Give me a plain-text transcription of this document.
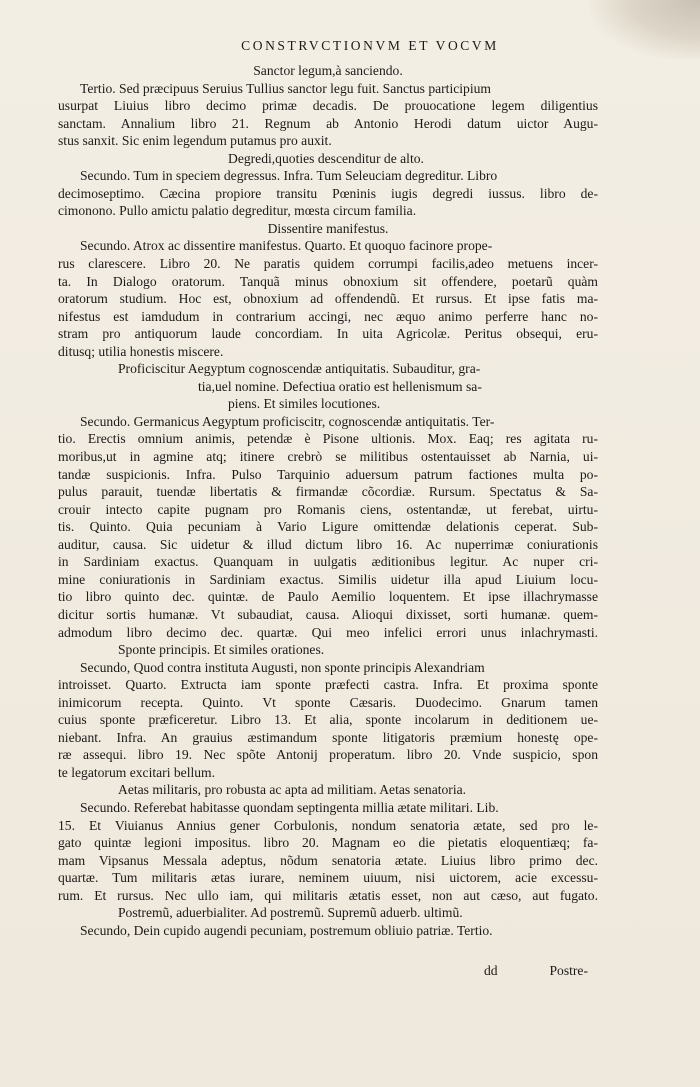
CONSTRVCTIONVM ET VOCVM
Sanctor legum,à sanciendo.
Tertio. Sed præcipuus Seruius Tullius sanctor legu fuit. Sanctus participium
usurpat Liuius libro decimo primæ decadis. De prouocatione legem diligentius
sanctam. Annalium libro 21. Regnum ab Antonio Herodi datum uictor Augu-
stus sanxit. Sic enim legendum putamus pro auxit.
Degredi,quoties descenditur de alto.
Secundo. Tum in speciem degressus. Infra. Tum Seleuciam degreditur. Libro
decimoseptimo. Cæcina propiore transitu Pœninis iugis degredi iussus. libro de-
cimonono. Pullo amictu palatio degreditur, mœsta circum familia.
Dissentire manifestus.
Secundo. Atrox ac dissentire manifestus. Quarto. Et quoquo facinore prope-
rus clarescere. Libro 20. Ne paratis quidem corrumpi facilis,adeo metuens incer-
ta. In Dialogo oratorum. Tanquã minus obnoxium sit offendere, poetarũ quàm
oratorum studium. Hoc est, obnoxium ad offendendũ. Et rursus. Et ipse fatis ma-
nifestus est iamdudum in contrarium accingi, nec æquo animo perferre hanc no-
stram pro antiquorum laude concordiam. In uita Agricolæ. Peritus obsequi, eru-
ditusq; utilia honestis miscere.
Proficiscitur Aegyptum cognoscendæ antiquitatis. Subauditur, gra-
tia,uel nomine. Defectiua oratio est hellenismum sa-
piens. Et similes locutiones.
Secundo. Germanicus Aegyptum proficiscitr, cognoscendæ antiquitatis. Ter-
tio. Erectis omnium animis, petendæ è Pisone ultionis. Mox. Eaq; res agitata ru-
moribus,ut in agmine atq; itinere crebrò se militibus ostentauisset ab Narnia, ui-
tandæ suspicionis. Infra. Pulso Tarquinio aduersum patrum factiones multa po-
pulus parauit, tuendæ libertatis & firmandæ cõcordiæ. Rursum. Spectatus & Sa-
crouir intecto capite pugnam pro Romanis ciens, ostentandæ, ut ferebat, uirtu-
tis. Quinto. Quia pecuniam à Vario Ligure omittendæ delationis ceperat. Sub-
auditur, causa. Sic uidetur & illud dictum libro 16. Ac nuperrimæ coniurationis
in Sardiniam exactus. Quanquam in uulgatis æditionibus legitur. Ac nuper cri-
mine coniurationis in Sardiniam exactus. Similis uidetur illa apud Liuium locu-
tio libro quinto dec. quintæ. de Paulo Aemilio loquentem. Et ipse illachrymasse
dicitur sortis humanæ. Vt subaudiat, causa. Alioqui dixisset, sorti humanæ. quem-
admodum libro decimo dec. quartæ. Qui meo infelici errori unus inlachrymasti.
Sponte principis. Et similes orationes.
Secundo, Quod contra instituta Augusti, non sponte principis Alexandriam
introisset. Quarto. Extructa iam sponte præfecti castra. Infra. Et proxima sponte
inimicorum recepta. Quinto. Vt sponte Cæsaris. Duodecimo. Gnarum tamen
cuius sponte præficeretur. Libro 13. Et alia, sponte incolarum in deditionem ue-
niebant. Infra. An grauius æstimandum sponte litigatoris præmium honestę ope-
ræ assequi. libro 19. Nec spõte Antonij properatum. libro 20. Vnde suspicio, spon
te legatorum excitari bellum.
Aetas militaris, pro robusta ac apta ad militiam. Aetas senatoria.
Secundo. Referebat habitasse quondam septingenta millia ætate militari. Lib.
15. Et Viuianus Annius gener Corbulonis, nondum senatoria ætate, sed pro le-
gato quintæ legioni impositus. libro 20. Magnam eo die pietatis eloquentiæq; fa-
mam Vipsanus Messala adeptus, nõdum senatoria ætate. Liuius libro primo dec.
quartæ. Tum militaris ætas iurare, neminem uiuum, nisi uictorem, acie excessu-
rum. Et rursus. Nec ullo iam, qui militaris ætatis esset, non aut cæso, aut fugato.
Postremũ, aduerbialiter. Ad postremũ. Supremũ aduerb. ultimũ.
Secundo, Dein cupido augendi pecuniam, postremum obliuio patriæ. Tertio.
dd	Postre-
